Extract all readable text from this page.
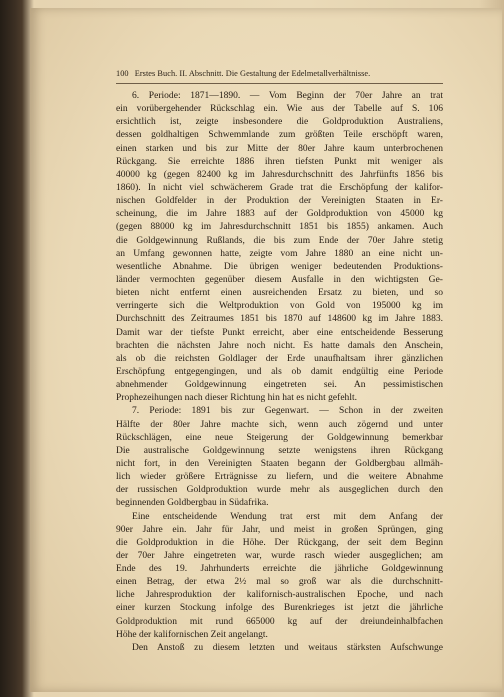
100 Erstes Buch. II. Abschnitt. Die Gestaltung der Edelmetallverhältnisse.
6. Periode: 1871—1890. — Vom Beginn der 70er Jahre an trat
ein vorübergehender Rückschlag ein. Wie aus der Tabelle auf S. 106
ersichtlich ist, zeigte insbesondere die Goldproduktion Australiens,
dessen goldhaltigen Schwemmlande zum größten Teile erschöpft waren,
einen starken und bis zur Mitte der 80er Jahre kaum unterbrochenen
Rückgang. Sie erreichte 1886 ihren tiefsten Punkt mit weniger als
40000 kg (gegen 82400 kg im Jahresdurchschnitt des Jahrfünfts 1856 bis
1860). In nicht viel schwächerem Grade trat die Erschöpfung der kalifor-
nischen Goldfelder in der Produktion der Vereinigten Staaten in Er-
scheinung, die im Jahre 1883 auf der Goldproduktion von 45000 kg
(gegen 88000 kg im Jahresdurchschnitt 1851 bis 1855) ankamen. Auch
die Goldgewinnung Rußlands, die bis zum Ende der 70er Jahre stetig
an Umfang gewonnen hatte, zeigte vom Jahre 1880 an eine nicht un-
wesentliche Abnahme. Die übrigen weniger bedeutenden Produktions-
länder vermochten gegenüber diesem Ausfalle in den wichtigsten Ge-
bieten nicht entfernt einen ausreichenden Ersatz zu bieten, und so
verringerte sich die Weltproduktion von Gold von 195000 kg im
Durchschnitt des Zeitraumes 1851 bis 1870 auf 148600 kg im Jahre 1883.
Damit war der tiefste Punkt erreicht, aber eine entscheidende Besserung
brachten die nächsten Jahre noch nicht. Es hatte damals den Anschein,
als ob die reichsten Goldlager der Erde unaufhaltsam ihrer gänzlichen
Erschöpfung entgegengingen, und als ob damit endgültig eine Periode
abnehmender Goldgewinnung eingetreten sei. An pessimistischen
Prophezeihungen nach dieser Richtung hin hat es nicht gefehlt.
7. Periode: 1891 bis zur Gegenwart. — Schon in der zweiten
Hälfte der 80er Jahre machte sich, wenn auch zögernd und unter
Rückschlägen, eine neue Steigerung der Goldgewinnung bemerkbar
Die australische Goldgewinnung setzte wenigstens ihren Rückgang
nicht fort, in den Vereinigten Staaten begann der Goldbergbau allmäh-
lich wieder größere Erträgnisse zu liefern, und die weitere Abnahme
der russischen Goldproduktion wurde mehr als ausgeglichen durch den
beginnenden Goldbergbau in Südafrika.
Eine entscheidende Wendung trat erst mit dem Anfang der
90er Jahre ein. Jahr für Jahr, und meist in großen Sprüngen, ging
die Goldproduktion in die Höhe. Der Rückgang, der seit dem Beginn
der 70er Jahre eingetreten war, wurde rasch wieder ausgeglichen; am
Ende des 19. Jahrhunderts erreichte die jährliche Goldgewinnung
einen Betrag, der etwa 2½ mal so groß war als die durchschnitt-
liche Jahresproduktion der kalifornisch-australischen Epoche, und nach
einer kurzen Stockung infolge des Burenkrieges ist jetzt die jährliche
Goldproduktion mit rund 665000 kg auf der dreiundeinhalbfachen
Höhe der kalifornischen Zeit angelangt.
Den Anstoß zu diesem letzten und weitaus stärksten Aufschwunge
